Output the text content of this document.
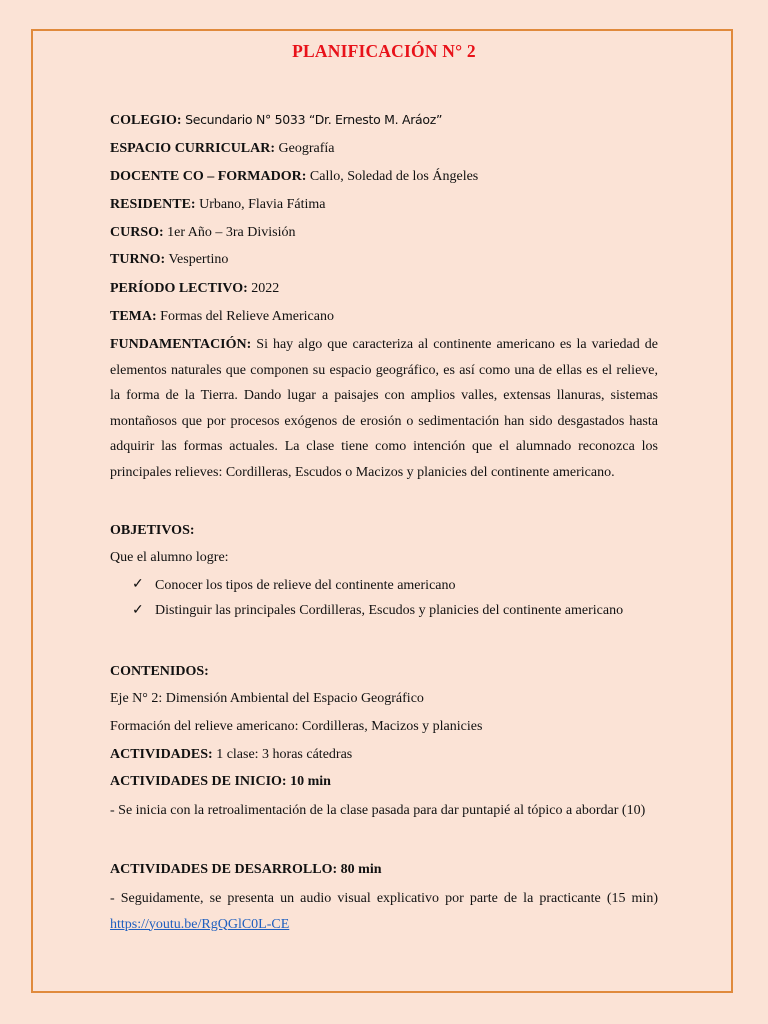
PLANIFICACIÓN N° 2
COLEGIO: Secundario N° 5033 “Dr. Ernesto M. Aráoz”
ESPACIO CURRICULAR: Geografía
DOCENTE CO – FORMADOR: Callo, Soledad de los Ángeles
RESIDENTE: Urbano, Flavia Fátima
CURSO: 1er Año – 3ra División
TURNO: Vespertino
PERÍODO LECTIVO: 2022
TEMA: Formas del Relieve Americano

FUNDAMENTACIÓN: Si hay algo que caracteriza al continente americano es la variedad de elementos naturales que componen su espacio geográfico, es así como una de ellas es el relieve, la forma de la Tierra. Dando lugar a paisajes con amplios valles, extensas llanuras, sistemas montañosos que por procesos exógenos de erosión o sedimentación han sido desgastados hasta adquirir las formas actuales. La clase tiene como intención que el alumnado reconozca los principales relieves: Cordilleras, Escudos o Macizos y planicies del continente americano.

OBJETIVOS:
Que el alumno logre:
✓ Conocer los tipos de relieve del continente americano
✓ Distinguir las principales Cordilleras, Escudos y planicies del continente americano
CONTENIDOS:
Eje N° 2: Dimensión Ambiental del Espacio Geográfico
Formación del relieve americano: Cordilleras, Macizos y planicies
ACTIVIDADES: 1 clase: 3 horas cátedras
ACTIVIDADES DE INICIO: 10 min

- Se inicia con la retroalimentación de la clase pasada para dar puntapié al tópico a abordar (10)

ACTIVIDADES DE DESARROLLO: 80 min

- Seguidamente, se presenta un audio visual explicativo por parte de la practicante (15 min) https://youtu.be/RgQGlC0L-CE
